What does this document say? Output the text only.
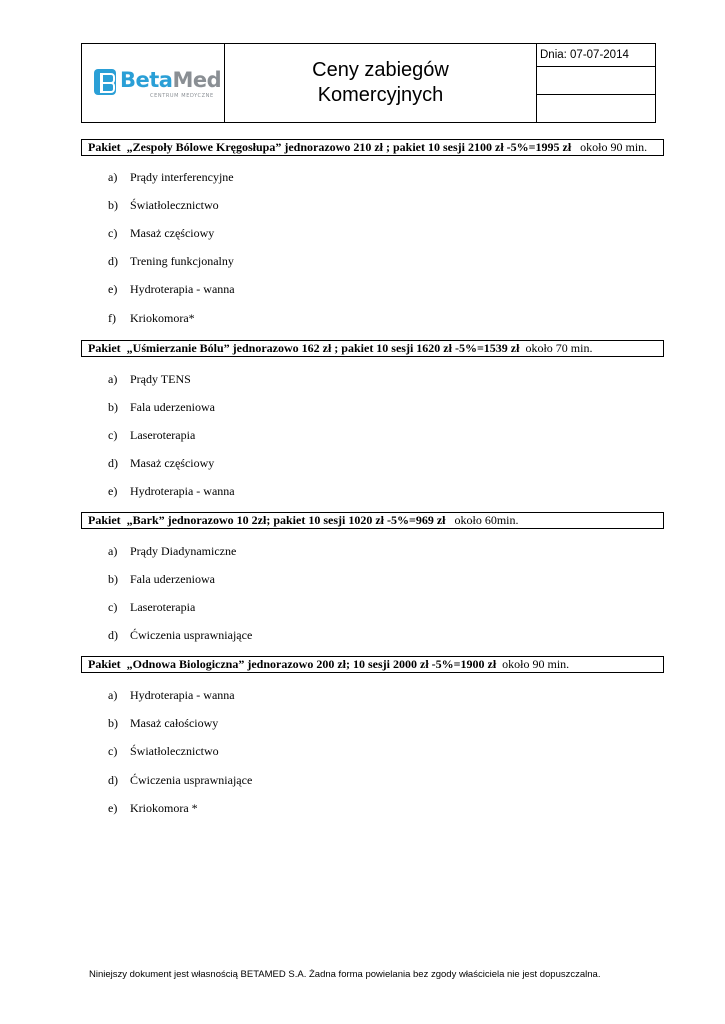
BetaMed
CENTRUM MEDYCZNE
Ceny zabiegów
Komercyjnych
Dnia: 07-07-2014
Pakiet „Zespoły Bólowe Kręgosłupa” jednorazowo 210 zł ; pakiet 10 sesji 2100 zł -5%=1995 zł około 90 min.
a) Prądy interferencyjne
b) Światłolecznictwo
c) Masaż częściowy
d) Trening funkcjonalny
e) Hydroterapia - wanna
f) Kriokomora*
Pakiet „Uśmierzanie Bólu” jednorazowo 162 zł ; pakiet 10 sesji 1620 zł -5%=1539 zł około 70 min.
a) Prądy TENS
b) Fala uderzeniowa
c) Laseroterapia
d) Masaż częściowy
e) Hydroterapia - wanna
Pakiet „Bark” jednorazowo 10 2zł; pakiet 10 sesji 1020 zł -5%=969 zł około 60min.
a) Prądy Diadynamiczne
b) Fala uderzeniowa
c) Laseroterapia
d) Ćwiczenia usprawniające
Pakiet „Odnowa Biologiczna” jednorazowo 200 zł; 10 sesji 2000 zł -5%=1900 zł około 90 min.
a) Hydroterapia - wanna
b) Masaż całościowy
c) Światłolecznictwo
d) Ćwiczenia usprawniające
e) Kriokomora *
Niniejszy dokument jest własnością BETAMED S.A. Żadna forma powielania bez zgody właściciela nie jest dopuszczalna.
